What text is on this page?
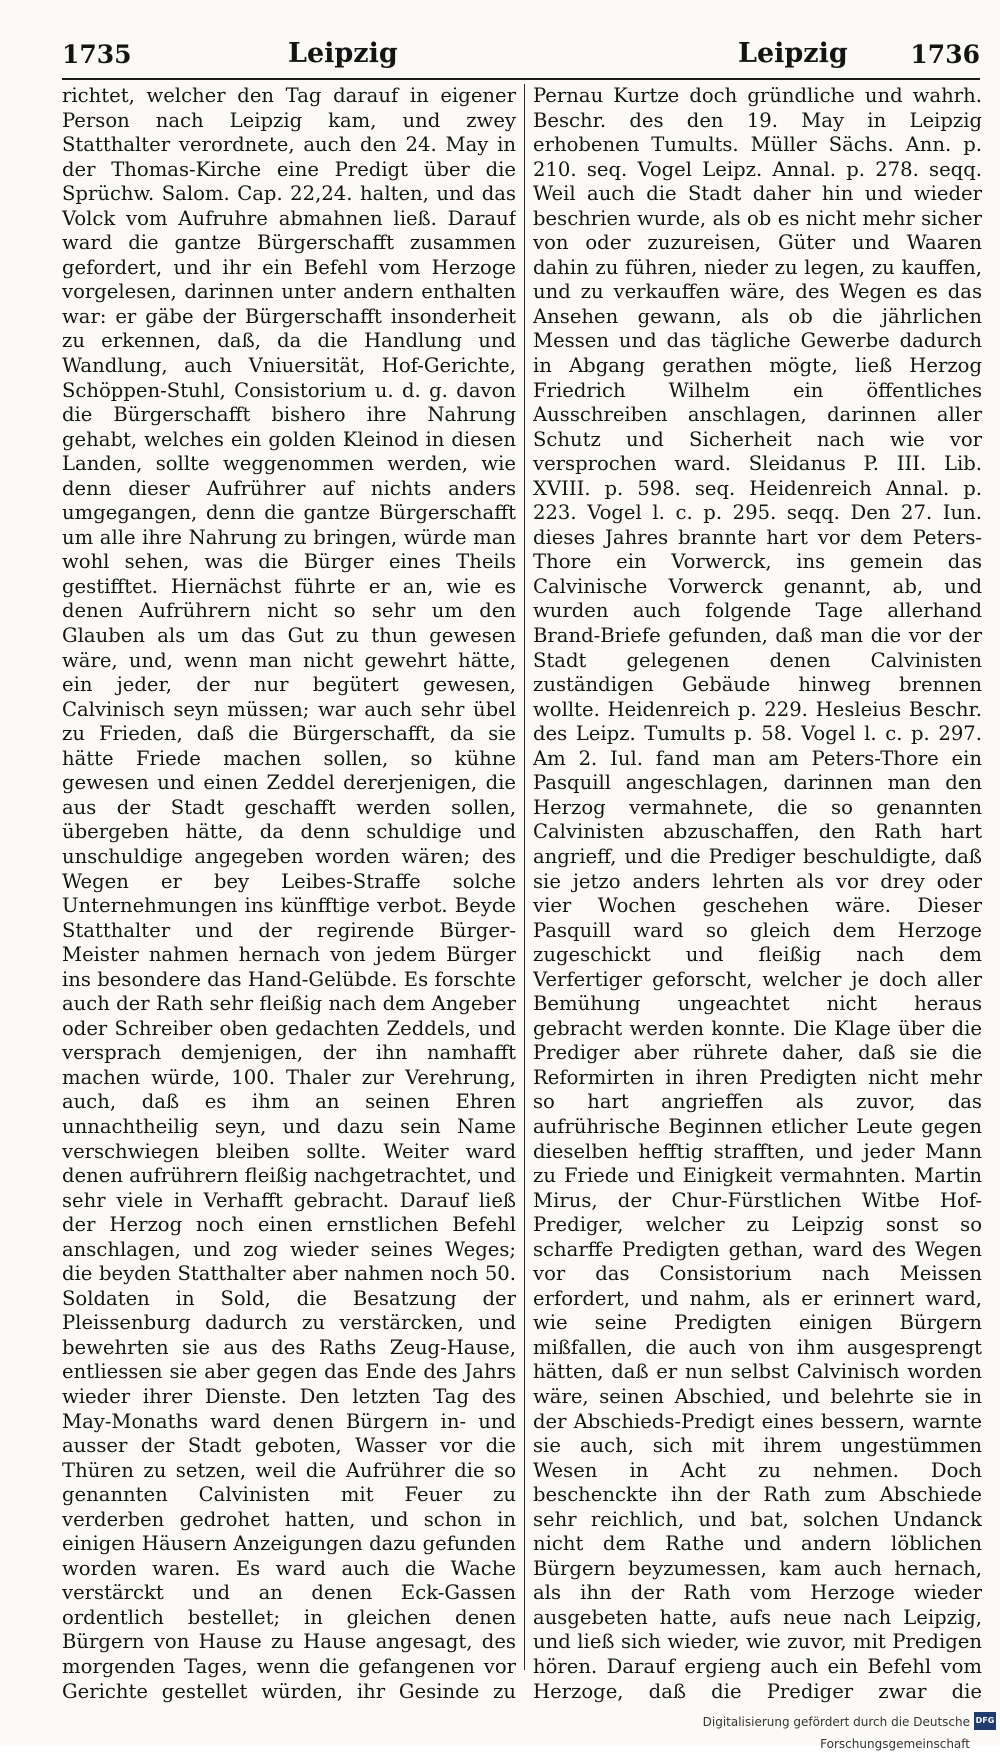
1735	Leipzig	Leipzig	1736
richtet, welcher den Tag darauf in eigener Person nach Leipzig kam, und zwey Statthalter verordnete, auch den 24. May in der Thomas-Kirche eine Predigt über die Sprüchw. Salom. Cap. 22,24. halten, und das Volck vom Aufruhre abmahnen ließ. Darauf ward die gantze Bürgerschafft zusammen gefordert, und ihr ein Befehl vom Herzoge vorgelesen, darinnen unter andern enthalten war: er gäbe der Bürgerschafft insonderheit zu erkennen, daß, da die Handlung und Wandlung, auch Vniuersität, Hof-Gerichte, Schöppen-Stuhl, Consistorium u. d. g. davon die Bürgerschafft bishero ihre Nahrung gehabt, welches ein golden Kleinod in diesen Landen, sollte weggenommen werden, wie denn dieser Aufrührer auf nichts anders umgegangen, denn die gantze Bürgerschafft um alle ihre Nahrung zu bringen, würde man wohl sehen, was die Bürger eines Theils gestifftet. Hiernächst führte er an, wie es denen Aufrührern nicht so sehr um den Glauben als um das Gut zu thun gewesen wäre, und, wenn man nicht gewehrt hätte, ein jeder, der nur begütert gewesen, Calvinisch seyn müssen; war auch sehr übel zu Frieden, daß die Bürgerschafft, da sie hätte Friede machen sollen, so kühne gewesen und einen Zeddel dererjenigen, die aus der Stadt geschafft werden sollen, übergeben hätte, da denn schuldige und unschuldige angegeben worden wären; des Wegen er bey Leibes-Straffe solche Unternehmungen ins künfftige verbot. Beyde Statthalter und der regirende Bürger-Meister nahmen hernach von jedem Bürger ins besondere das Hand-Gelübde. Es forschte auch der Rath sehr fleißig nach dem Angeber oder Schreiber oben gedachten Zeddels, und versprach demjenigen, der ihn namhafft machen würde, 100. Thaler zur Verehrung, auch, daß es ihm an seinen Ehren unnachtheilig seyn, und dazu sein Name verschwiegen bleiben sollte. Weiter ward denen aufrührern fleißig nachgetrachtet, und sehr viele in Verhafft gebracht. Darauf ließ der Herzog noch einen ernstlichen Befehl anschlagen, und zog wieder seines Weges; die beyden Statthalter aber nahmen noch 50. Soldaten in Sold, die Besatzung der Pleissenburg dadurch zu verstärcken, und bewehrten sie aus des Raths Zeug-Hause, entliessen sie aber gegen das Ende des Jahrs wieder ihrer Dienste. Den letzten Tag des May-Monaths ward denen Bürgern in- und ausser der Stadt geboten, Wasser vor die Thüren zu setzen, weil die Aufrührer die so genannten Calvinisten mit Feuer zu verderben gedrohet hatten, und schon in einigen Häusern Anzeigungen dazu gefunden worden waren. Es ward auch die Wache verstärckt und an denen Eck-Gassen ordentlich bestellet; in gleichen denen Bürgern von Hause zu Hause angesagt, des morgenden Tages, wenn die gefangenen vor Gerichte gestellet würden, ihr Gesinde zu
Pernau Kurtze doch gründliche und wahrh. Beschr. des den 19. May in Leipzig erhobenen Tumults. Müller Sächs. Ann. p. 210. seq. Vogel Leipz. Annal. p. 278. seqq. Weil auch die Stadt daher hin und wieder beschrien wurde, als ob es nicht mehr sicher von oder zuzureisen, Güter und Waaren dahin zu führen, nieder zu legen, zu kauffen, und zu verkauffen wäre, des Wegen es das Ansehen gewann, als ob die jährlichen Messen und das tägliche Gewerbe dadurch in Abgang gerathen mögte, ließ Herzog Friedrich Wilhelm ein öffentliches Ausschreiben anschlagen, darinnen aller Schutz und Sicherheit nach wie vor versprochen ward. Sleidanus P. III. Lib. XVIII. p. 598. seq. Heidenreich Annal. p. 223. Vogel l. c. p. 295. seqq. Den 27. Iun. dieses Jahres brannte hart vor dem Peters-Thore ein Vorwerck, ins gemein das Calvinische Vorwerck genannt, ab, und wurden auch folgende Tage allerhand Brand-Briefe gefunden, daß man die vor der Stadt gelegenen denen Calvinisten zuständigen Gebäude hinweg brennen wollte. Heidenreich p. 229. Hesleius Beschr. des Leipz. Tumults p. 58. Vogel l. c. p. 297. Am 2. Iul. fand man am Peters-Thore ein Pasquill angeschlagen, darinnen man den Herzog vermahnete, die so genannten Calvinisten abzuschaffen, den Rath hart angrieff, und die Prediger beschuldigte, daß sie jetzo anders lehrten als vor drey oder vier Wochen geschehen wäre. Dieser Pasquill ward so gleich dem Herzoge zugeschickt und fleißig nach dem Verfertiger geforscht, welcher je doch aller Bemühung ungeachtet nicht heraus gebracht werden konnte. Die Klage über die Prediger aber rührete daher, daß sie die Reformirten in ihren Predigten nicht mehr so hart angrieffen als zuvor, das aufrührische Beginnen etlicher Leute gegen dieselben hefftig strafften, und jeder Mann zu Friede und Einigkeit vermahnten. Martin Mirus, der Chur-Fürstlichen Witbe Hof-Prediger, welcher zu Leipzig sonst so scharffe Predigten gethan, ward des Wegen vor das Consistorium nach Meissen erfordert, und nahm, als er erinnert ward, wie seine Predigten einigen Bürgern mißfallen, die auch von ihm ausgesprengt hätten, daß er nun selbst Calvinisch worden wäre, seinen Abschied, und belehrte sie in der Abschieds-Predigt eines bessern, warnte sie auch, sich mit ihrem ungestümmen Wesen in Acht zu nehmen. Doch beschenckte ihn der Rath zum Abschiede sehr reichlich, und bat, solchen Undanck nicht dem Rathe und andern löblichen Bürgern beyzumessen, kam auch hernach, als ihn der Rath vom Herzoge wieder ausgebeten hatte, aufs neue nach Leipzig, und ließ sich wieder, wie zuvor, mit Predigen hören. Darauf ergieng auch ein Befehl vom Herzoge, daß die Prediger zwar die
Digitalisierung gefördert durch die Deutsche Forschungsgemeinschaft
DFG
